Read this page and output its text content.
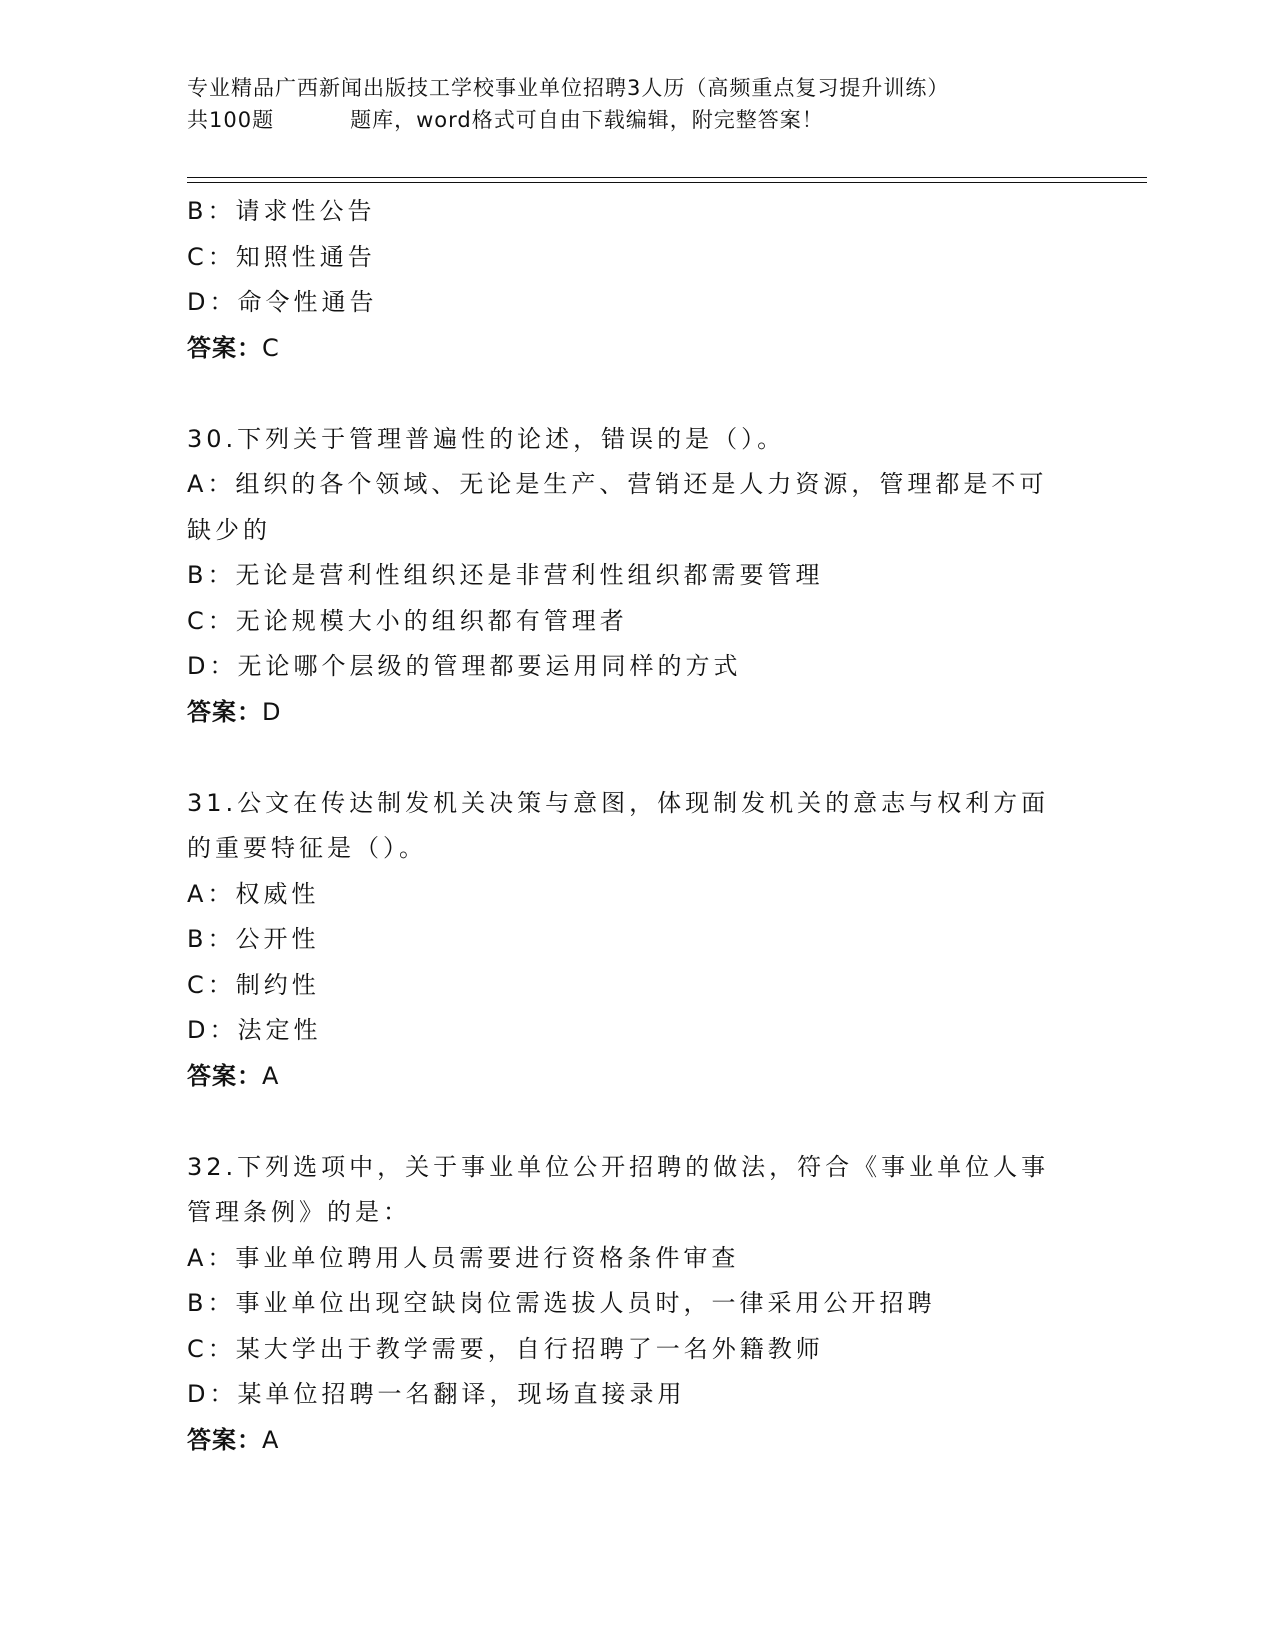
专业精品广西新闻出版技工学校事业单位招聘3人历（高频重点复习提升训练）
共100题	题库，word格式可自由下载编辑，附完整答案！
B：请求性公告
C：知照性通告
D：命令性通告
答案：C
30.下列关于管理普遍性的论述，错误的是（）。
A：组织的各个领域、无论是生产、营销还是人力资源，管理都是不可
缺少的
B：无论是营利性组织还是非营利性组织都需要管理
C：无论规模大小的组织都有管理者
D：无论哪个层级的管理都要运用同样的方式
答案：D
31.公文在传达制发机关决策与意图，体现制发机关的意志与权利方面
的重要特征是（）。
A：权威性
B：公开性
C：制约性
D：法定性
答案：A
32.下列选项中，关于事业单位公开招聘的做法，符合《事业单位人事
管理条例》的是：
A：事业单位聘用人员需要进行资格条件审查
B：事业单位出现空缺岗位需选拔人员时，一律采用公开招聘
C：某大学出于教学需要，自行招聘了一名外籍教师
D：某单位招聘一名翻译，现场直接录用
答案：A
